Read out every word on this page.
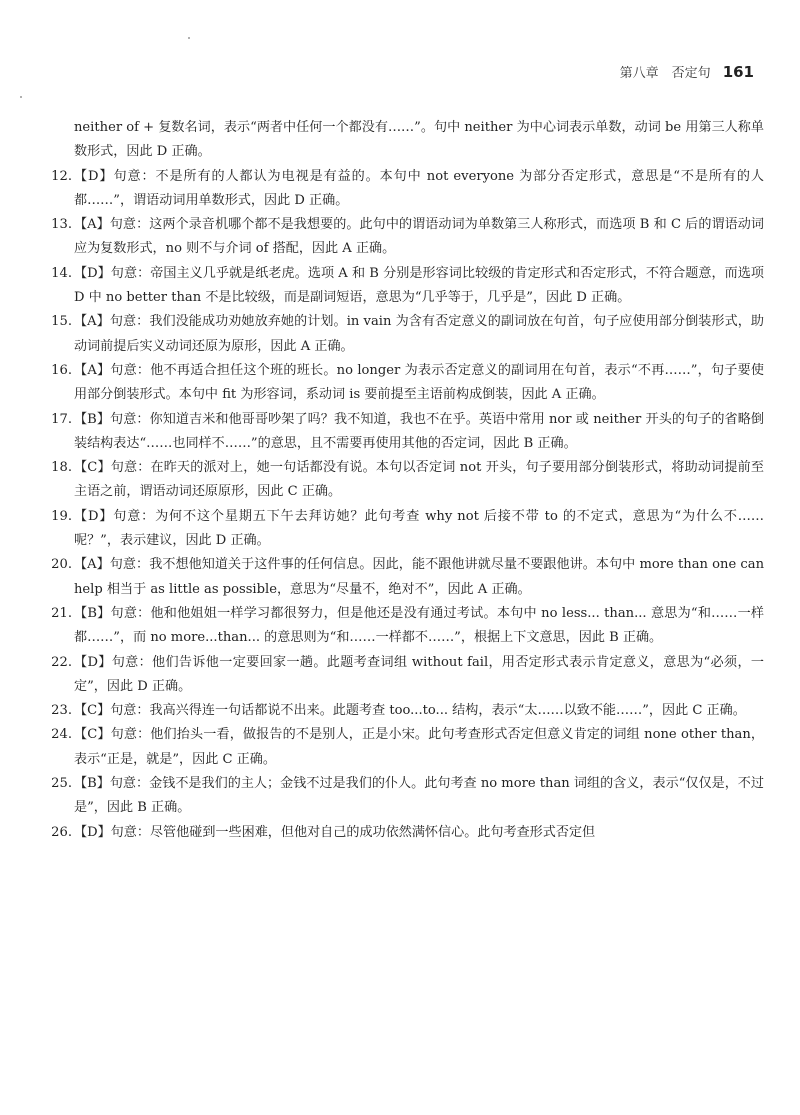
第八章　否定句 161
neither of + 复数名词，表示“两者中任何一个都没有……”。句中 neither 为中心词表示单数，动词 be 用第三人称单数形式，因此 D 正确。
12. 【D】句意：不是所有的人都认为电视是有益的。本句中 not everyone 为部分否定形式，意思是“不是所有的人都……”，谓语动词用单数形式，因此 D 正确。
13. 【A】句意：这两个录音机哪个都不是我想要的。此句中的谓语动词为单数第三人称形式，而选项 B 和 C 后的谓语动词应为复数形式，no 则不与介词 of 搭配，因此 A 正确。
14. 【D】句意：帝国主义几乎就是纸老虎。选项 A 和 B 分别是形容词比较级的肯定形式和否定形式，不符合题意，而选项 D 中 no better than 不是比较级，而是副词短语，意思为“几乎等于，几乎是”，因此 D 正确。
15. 【A】句意：我们没能成功劝她放弃她的计划。in vain 为含有否定意义的副词放在句首，句子应使用部分倒装形式，助动词前提后实义动词还原为原形，因此 A 正确。
16. 【A】句意：他不再适合担任这个班的班长。no longer 为表示否定意义的副词用在句首，表示“不再……”，句子要使用部分倒装形式。本句中 fit 为形容词，系动词 is 要前提至主语前构成倒装，因此 A 正确。
17. 【B】句意：你知道吉米和他哥哥吵架了吗？我不知道，我也不在乎。英语中常用 nor 或 neither 开头的句子的省略倒装结构表达“……也同样不……”的意思，且不需要再使用其他的否定词，因此 B 正确。
18. 【C】句意：在昨天的派对上，她一句话都没有说。本句以否定词 not 开头，句子要用部分倒装形式，将助动词提前至主语之前，谓语动词还原原形，因此 C 正确。
19. 【D】句意：为何不这个星期五下午去拜访她？此句考查 why not 后接不带 to 的不定式，意思为“为什么不……呢？”，表示建议，因此 D 正确。
20. 【A】句意：我不想他知道关于这件事的任何信息。因此，能不跟他讲就尽量不要跟他讲。本句中 more than one can help 相当于 as little as possible，意思为“尽量不，绝对不”，因此 A 正确。
21. 【B】句意：他和他姐姐一样学习都很努力，但是他还是没有通过考试。本句中 no less... than... 意思为“和……一样都……”，而 no more...than... 的意思则为“和……一样都不……”，根据上下文意思，因此 B 正确。
22. 【D】句意：他们告诉他一定要回家一趟。此题考查词组 without fail，用否定形式表示肯定意义，意思为“必须，一定”，因此 D 正确。
23. 【C】句意：我高兴得连一句话都说不出来。此题考查 too...to... 结构，表示“太……以致不能……”，因此 C 正确。
24. 【C】句意：他们抬头一看，做报告的不是别人，正是小宋。此句考查形式否定但意义肯定的词组 none other than，表示“正是，就是”，因此 C 正确。
25. 【B】句意：金钱不是我们的主人；金钱不过是我们的仆人。此句考查 no more than 词组的含义，表示“仅仅是，不过是”，因此 B 正确。
26. 【D】句意：尽管他碰到一些困难，但他对自己的成功依然满怀信心。此句考查形式否定但
